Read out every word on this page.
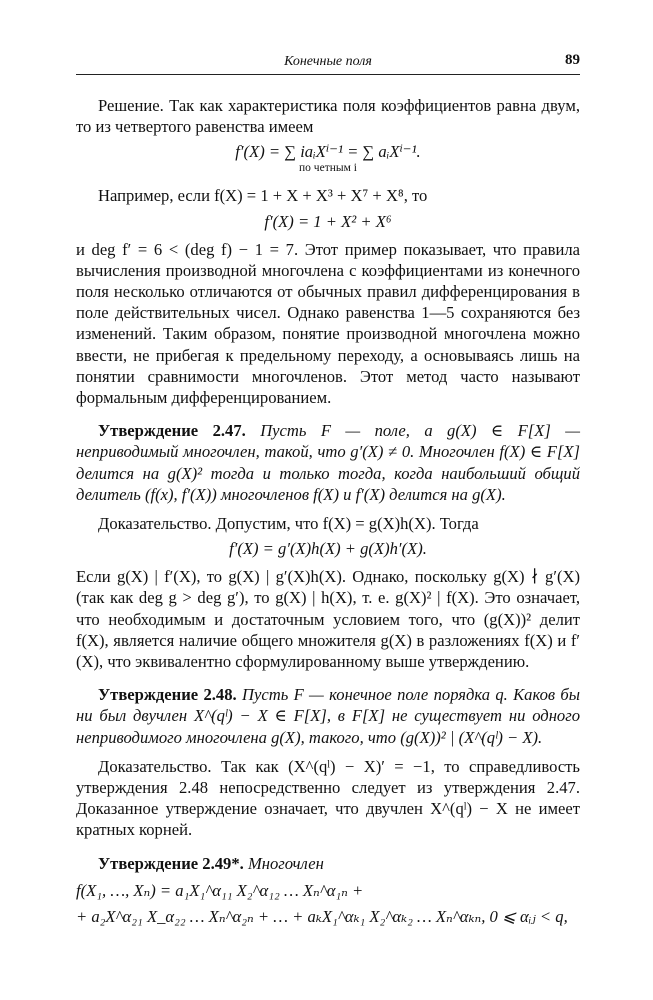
Конечные поля	89

Решение. Так как характеристика поля коэффициентов равна двум, то из четвертого равенства имеем

f′(X) = ∑ iaᵢXⁱ⁻¹ = ∑ aᵢXⁱ⁻¹.
по четным i

Например, если f(X) = 1 + X + X³ + X⁷ + X⁸, то

f′(X) = 1 + X² + X⁶

и deg f′ = 6 < (deg f) − 1 = 7. Этот пример показывает, что правила вычисления производной многочлена с коэффициентами из конечного поля несколько отличаются от обычных правил дифференцирования в поле действительных чисел. Однако равенства 1—5 сохраняются без изменений. Таким образом, понятие производной многочлена можно ввести, не прибегая к предельному переходу, а основываясь лишь на понятии сравнимости многочленов. Этот метод часто называют формальным дифференцированием.

Утверждение 2.47. Пусть F — поле, а g(X) ∈ F[X] — неприводимый многочлен, такой, что g′(X) ≠ 0. Многочлен f(X) ∈ F[X] делится на g(X)² тогда и только тогда, когда наибольший общий делитель (f(x), f′(X)) многочленов f(X) и f′(X) делится на g(X).

Доказательство. Допустим, что f(X) = g(X)h(X). Тогда

f′(X) = g′(X)h(X) + g(X)h′(X).

Если g(X) | f′(X), то g(X) | g′(X)h(X). Однако, поскольку g(X) ∤ g′(X) (так как deg g > deg g′), то g(X) | h(X), т. е. g(X)² | f(X). Это означает, что необходимым и достаточным условием того, что (g(X))² делит f(X), является наличие общего множителя g(X) в разложениях f(X) и f′(X), что эквивалентно сформулированному выше утверждению.

Утверждение 2.48. Пусть F — конечное поле порядка q. Каков бы ни был двучлен X^(qˡ) − X ∈ F[X], в F[X] не существует ни одного неприводимого многочлена g(X), такого, что (g(X))² | (X^(qˡ) − X).

Доказательство. Так как (X^(qˡ) − X)′ = −1, то справедливость утверждения 2.48 непосредственно следует из утверждения 2.47. Доказанное утверждение означает, что двучлен X^(qˡ) − X не имеет кратных корней.

Утверждение 2.49*. Многочлен

f(X₁, …, Xₙ) = a₁X₁^α₁₁ X₂^α₁₂ … Xₙ^α₁ₙ +
+ a₂X^α₂₁ X_α₂₂ … Xₙ^α₂ₙ + … + aₖX₁^αₖ₁ X₂^αₖ₂ … Xₙ^αₖₙ, 0 ⩽ αᵢⱼ < q,
